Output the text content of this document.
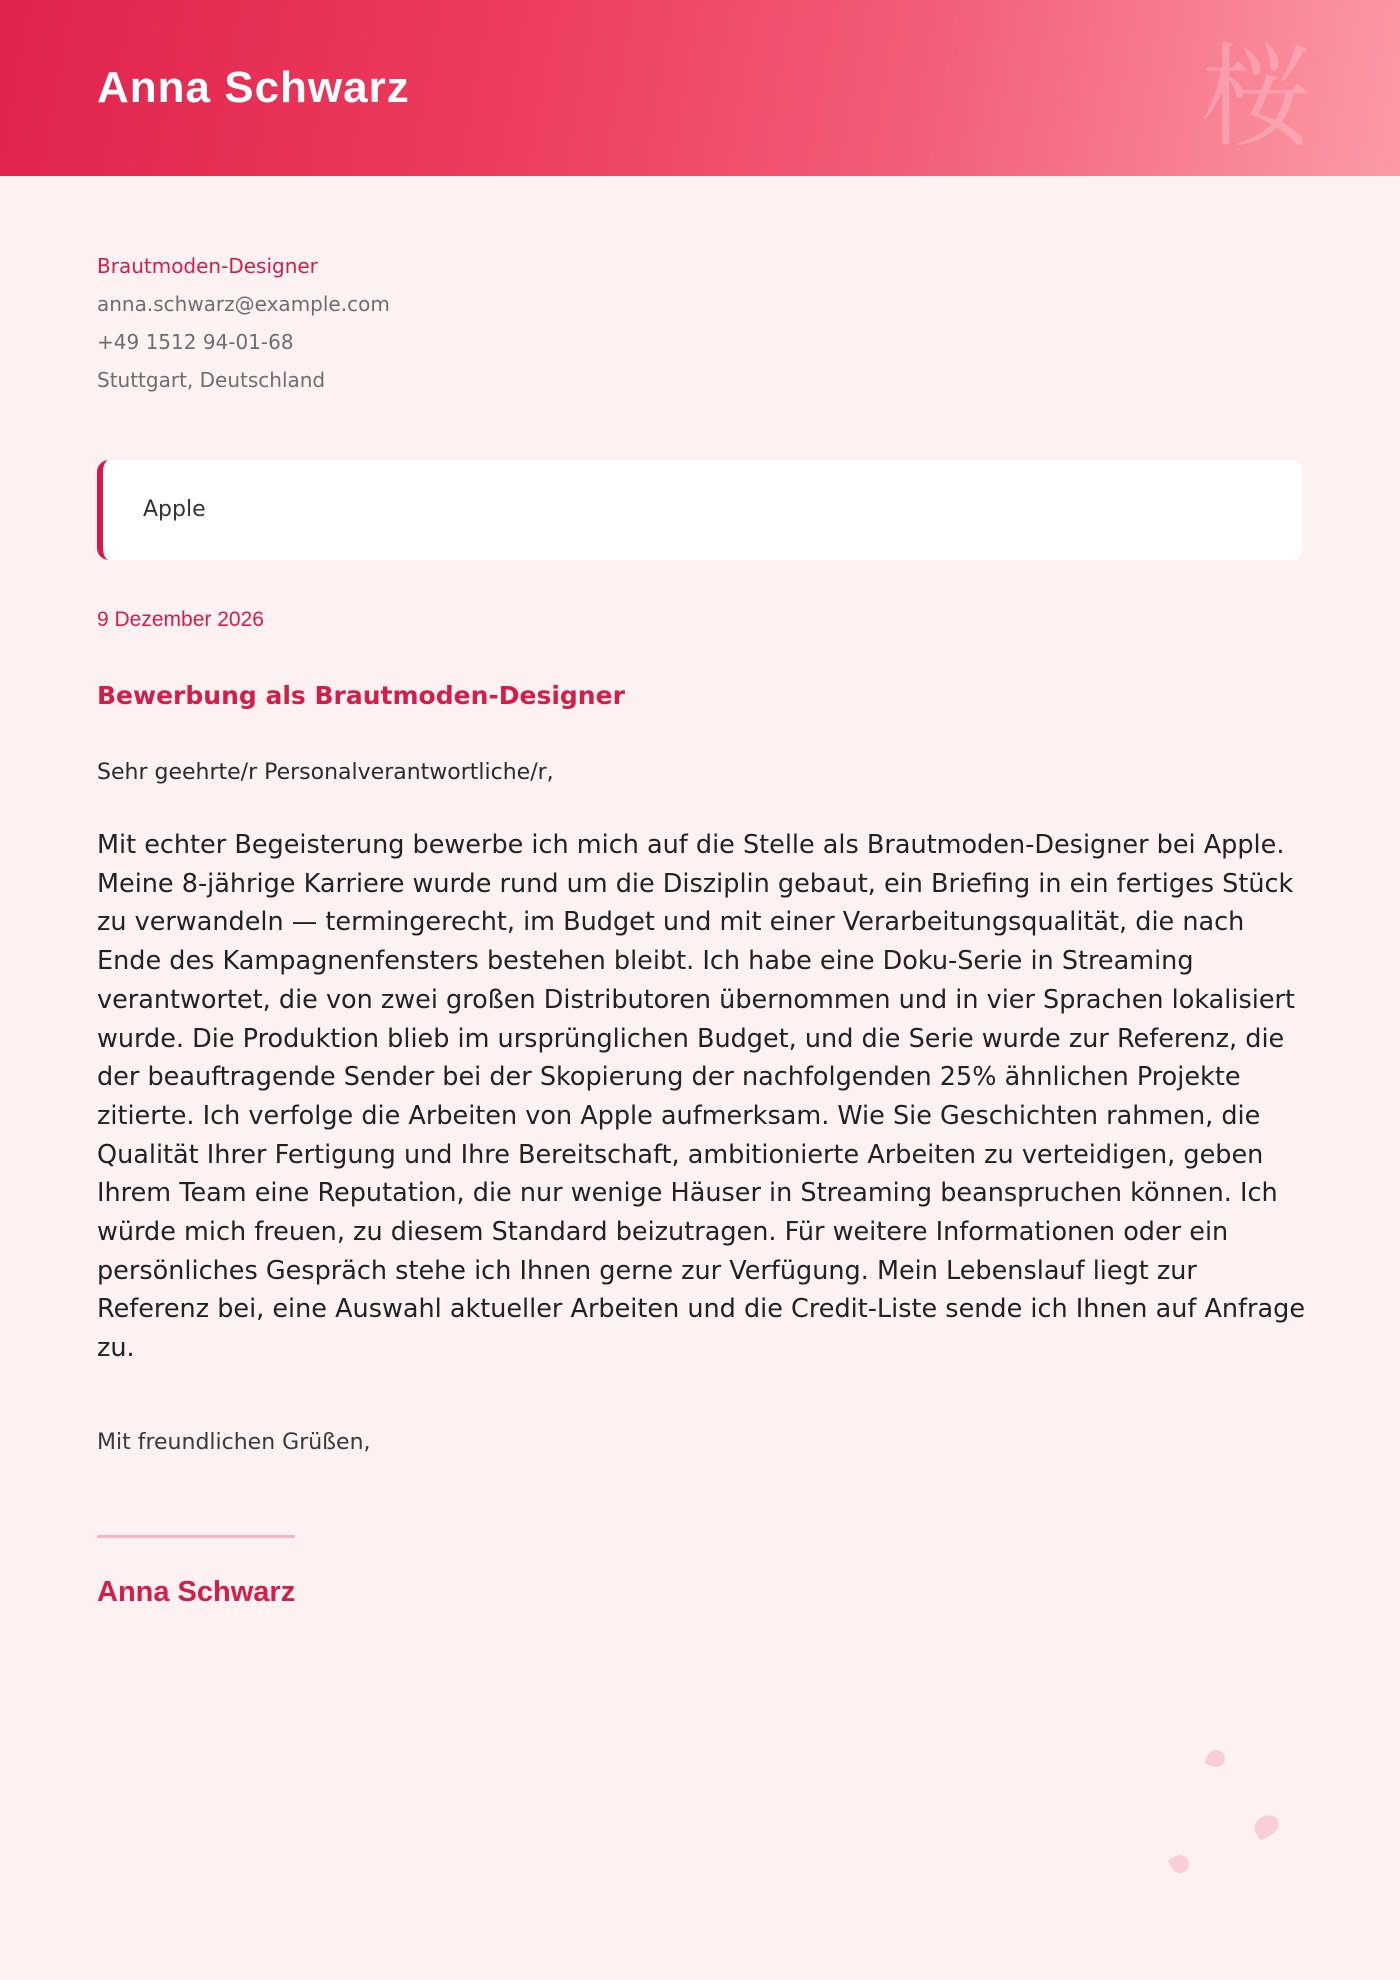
Anna Schwarz	桜
Brautmoden-Designer
anna.schwarz@example.com
+49 1512 94-01-68
Stuttgart, Deutschland
Apple
9 Dezember 2026
Bewerbung als Brautmoden-Designer
Sehr geehrte/r Personalverantwortliche/r,

Mit echter Begeisterung bewerbe ich mich auf die Stelle als Brautmoden-Designer bei Apple. Meine 8-jährige Karriere wurde rund um die Disziplin gebaut, ein Briefing in ein fertiges Stück zu verwandeln — termingerecht, im Budget und mit einer Verarbeitungsqualität, die nach Ende des Kampagnenfensters bestehen bleibt. Ich habe eine Doku-Serie in Streaming verantwortet, die von zwei großen Distributoren übernommen und in vier Sprachen lokalisiert wurde. Die Produktion blieb im ursprünglichen Budget, und die Serie wurde zur Referenz, die der beauftragende Sender bei der Skopierung der nachfolgenden 25% ähnlichen Projekte zitierte. Ich verfolge die Arbeiten von Apple aufmerksam. Wie Sie Geschichten rahmen, die Qualität Ihrer Fertigung und Ihre Bereitschaft, ambitionierte Arbeiten zu verteidigen, geben Ihrem Team eine Reputation, die nur wenige Häuser in Streaming beanspruchen können. Ich würde mich freuen, zu diesem Standard beizutragen. Für weitere Informationen oder ein persönliches Gespräch stehe ich Ihnen gerne zur Verfügung. Mein Lebenslauf liegt zur Referenz bei, eine Auswahl aktueller Arbeiten und die Credit-Liste sende ich Ihnen auf Anfrage zu.

Mit freundlichen Grüßen,
Anna Schwarz
